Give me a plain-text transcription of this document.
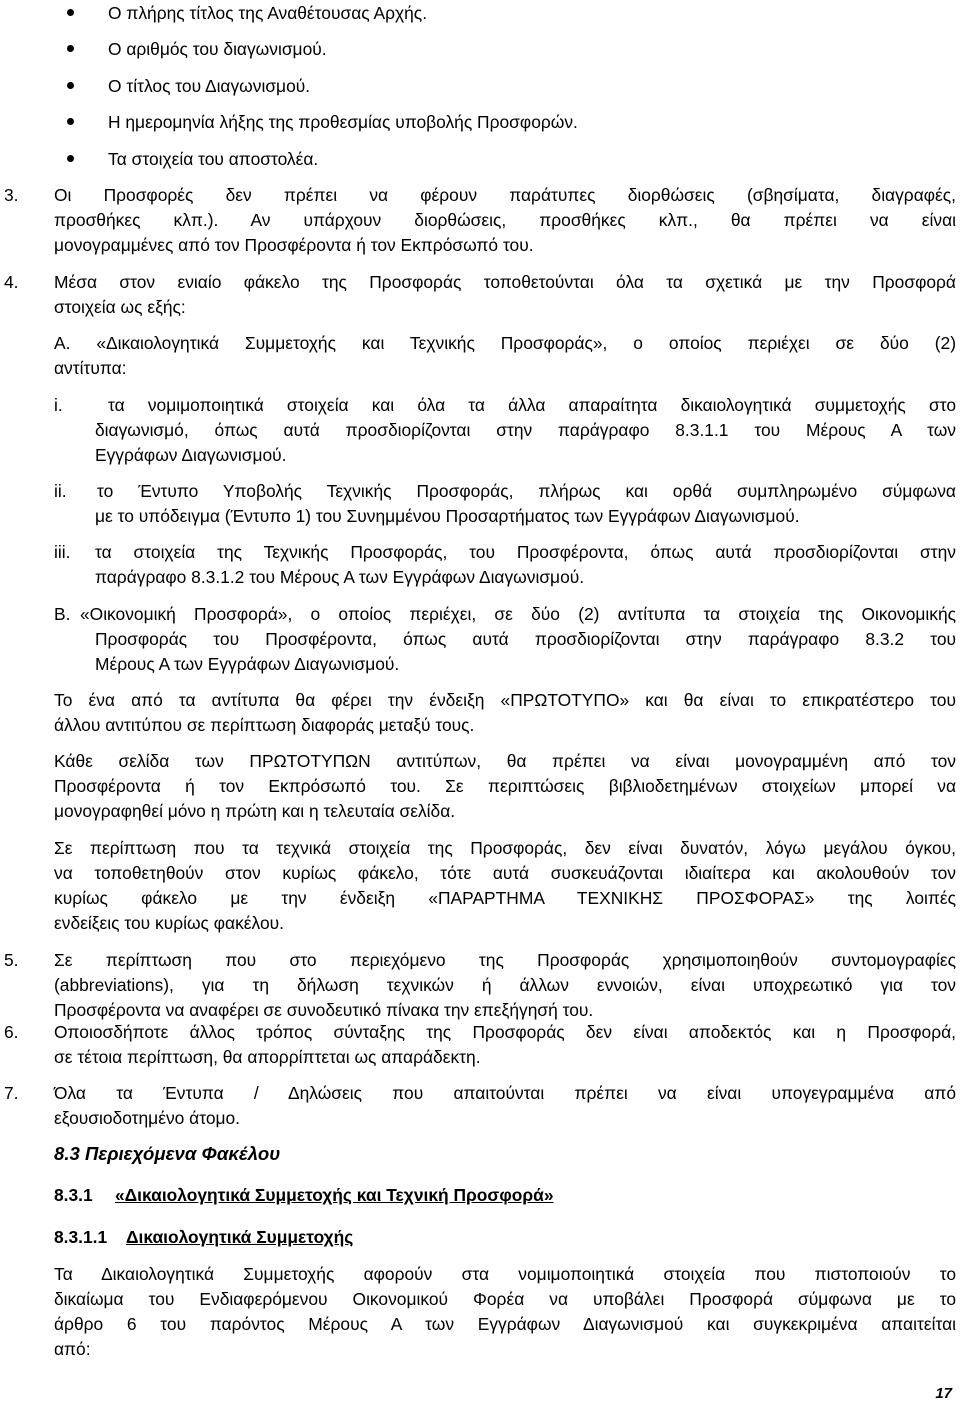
Ο πλήρης τίτλος της Αναθέτουσας Αρχής.

Ο αριθμός του διαγωνισμού.

Ο τίτλος του Διαγωνισμού.

Η ημερομηνία λήξης της προθεσμίας υποβολής Προσφορών.

Τα στοιχεία του αποστολέα.

3. Οι Προσφορές δεν πρέπει να φέρουν παράτυπες διορθώσεις (σβησίματα, διαγραφές,

προσθήκες κλπ.). Αν υπάρχουν διορθώσεις, προσθήκες κλπ., θα πρέπει να είναι

μονογραμμένες από τον Προσφέροντα ή τον Εκπρόσωπό του.

4. Μέσα στον ενιαίο φάκελο της Προσφοράς τοποθετούνται όλα τα σχετικά με την Προσφορά

στοιχεία ως εξής:

Α. «Δικαιολογητικά Συμμετοχής και Τεχνικής Προσφοράς», ο οποίος περιέχει σε δύο (2)

αντίτυπα:

i.	τα νομιμοποιητικά στοιχεία και όλα τα άλλα απαραίτητα δικαιολογητικά συμμετοχής στο

διαγωνισμό, όπως αυτά προσδιορίζονται στην παράγραφο 8.3.1.1 του Μέρους Α των

Εγγράφων Διαγωνισμού.

ii. το Έντυπο Υποβολής Τεχνικής Προσφοράς, πλήρως και ορθά συμπληρωμένο σύμφωνα

με το υπόδειγμα (Έντυπο 1) του Συνημμένου Προσαρτήματος των Εγγράφων Διαγωνισμού.

iii. τα στοιχεία της Τεχνικής Προσφοράς, του Προσφέροντα, όπως αυτά προσδιορίζονται στην

παράγραφο 8.3.1.2 του Μέρους Α των Εγγράφων Διαγωνισμού.

Β. «Οικονομική Προσφορά», ο οποίος περιέχει, σε δύο (2) αντίτυπα τα στοιχεία της Οικονομικής

Προσφοράς του Προσφέροντα, όπως αυτά προσδιορίζονται στην παράγραφο 8.3.2 του

Μέρους Α των Εγγράφων Διαγωνισμού.

Το ένα από τα αντίτυπα θα φέρει την ένδειξη «ΠΡΩΤΟΤΥΠΟ» και θα είναι το επικρατέστερο του

άλλου αντιτύπου σε περίπτωση διαφοράς μεταξύ τους.

Κάθε σελίδα των ΠΡΩΤΟΤΥΠΩΝ αντιτύπων, θα πρέπει να είναι μονογραμμένη από τον

Προσφέροντα ή τον Εκπρόσωπό του. Σε περιπτώσεις βιβλιοδετημένων στοιχείων μπορεί να

μονογραφηθεί μόνο η πρώτη και η τελευταία σελίδα.

Σε περίπτωση που τα τεχνικά στοιχεία της Προσφοράς, δεν είναι δυνατόν, λόγω μεγάλου όγκου,

να τοποθετηθούν στον κυρίως φάκελο, τότε αυτά συσκευάζονται ιδιαίτερα και ακολουθούν τον

κυρίως φάκελο με την ένδειξη «ΠΑΡΑΡΤΗΜΑ ΤΕΧΝΙΚΗΣ ΠΡΟΣΦΟΡΑΣ» της λοιπές

ενδείξεις του κυρίως φακέλου.

5. Σε περίπτωση που στο περιεχόμενο της Προσφοράς χρησιμοποιηθούν συντομογραφίες

(abbreviations), για τη δήλωση τεχνικών ή άλλων εννοιών, είναι υποχρεωτικό για τον

Προσφέροντα να αναφέρει σε συνοδευτικό πίνακα την επεξήγησή του.

6. Οποιοσδήποτε άλλος τρόπος σύνταξης της Προσφοράς δεν είναι αποδεκτός και η Προσφορά,

σε τέτοια περίπτωση, θα απορρίπτεται ως απαράδεκτη.

7. Όλα τα Έντυπα / Δηλώσεις που απαιτούνται πρέπει να είναι υπογεγραμμένα από

εξουσιοδοτημένο άτομο.

8.3 Περιεχόμενα Φακέλου

8.3.1 «Δικαιολογητικά Συμμετοχής και Τεχνική Προσφορά»

8.3.1.1 Δικαιολογητικά Συμμετοχής

Τα Δικαιολογητικά Συμμετοχής αφορούν στα νομιμοποιητικά στοιχεία που πιστοποιούν το

δικαίωμα του Ενδιαφερόμενου Οικονομικού Φορέα να υποβάλει Προσφορά σύμφωνα με το

άρθρο 6 του παρόντος Μέρους Α των Εγγράφων Διαγωνισμού και συγκεκριμένα απαιτείται

από:

17
